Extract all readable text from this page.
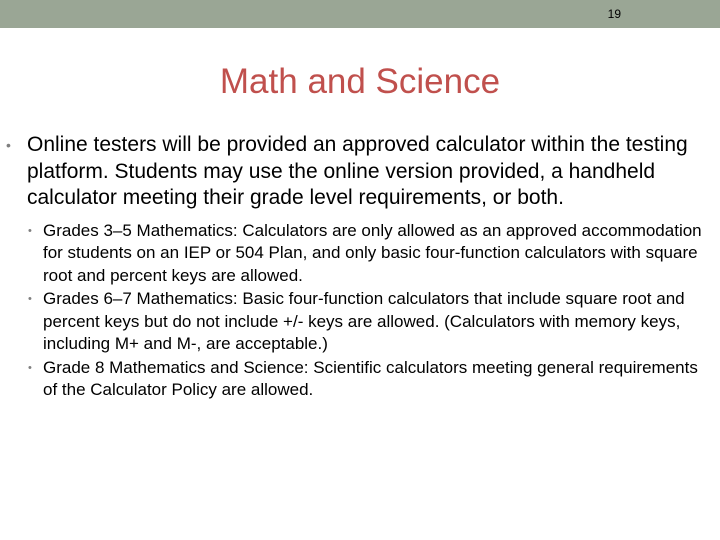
19
Math and Science

• Online testers will be provided an approved calculator within the testing platform. Students may use the online version provided, a handheld calculator meeting their grade level requirements, or both.

• Grades 3–5 Mathematics: Calculators are only allowed as an approved accommodation for students on an IEP or 504 Plan, and only basic four-function calculators with square root and percent keys are allowed.
• Grades 6–7 Mathematics: Basic four-function calculators that include square root and percent keys but do not include +/- keys are allowed. (Calculators with memory keys, including M+ and M-, are acceptable.)
• Grade 8 Mathematics and Science: Scientific calculators meeting general requirements of the Calculator Policy are allowed.
